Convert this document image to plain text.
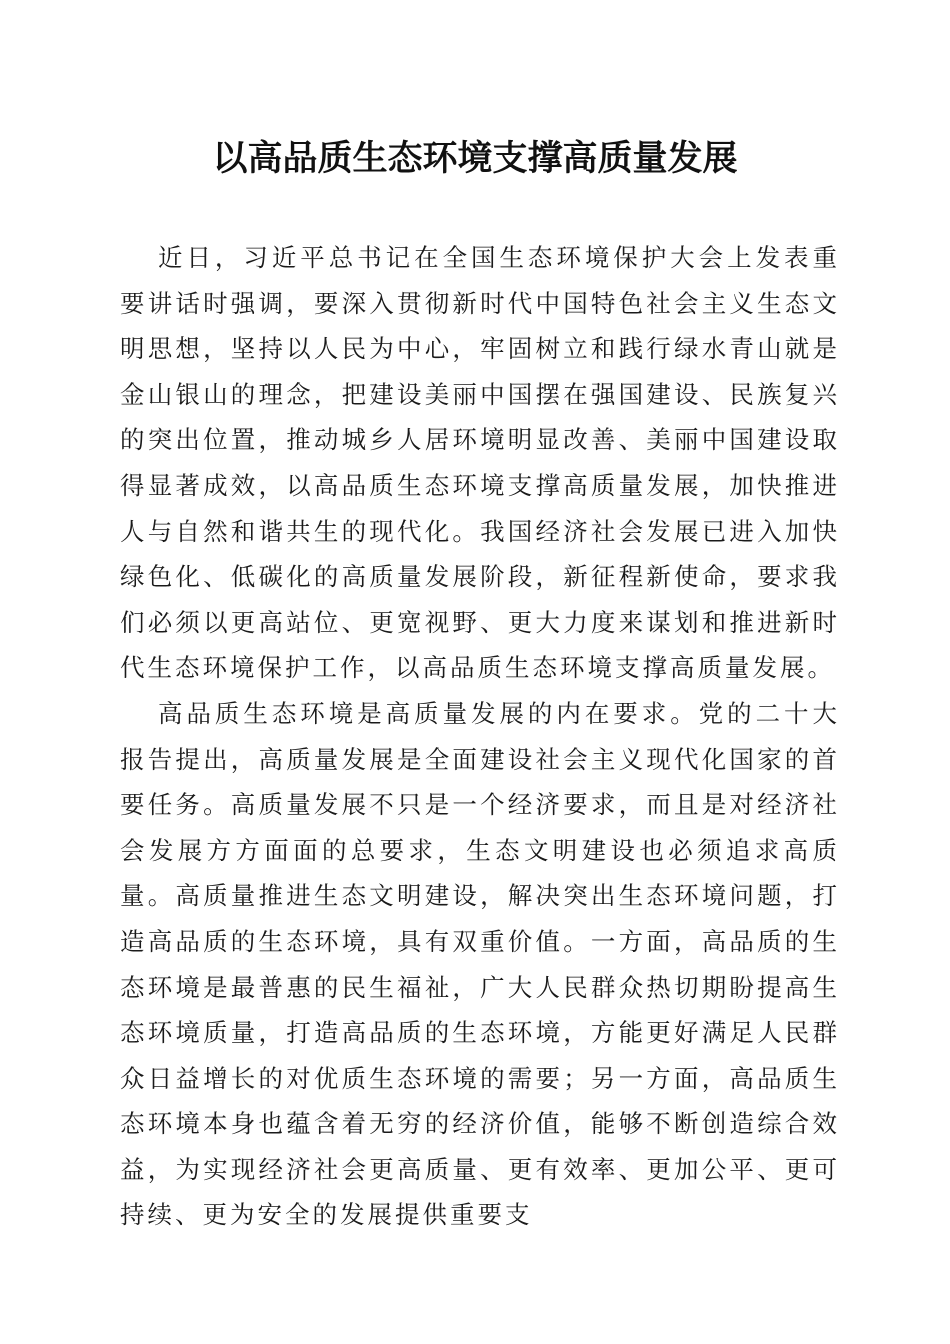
以高品质生态环境支撑高质量发展

近日，习近平总书记在全国生态环境保护大会上发表重要讲话时强调，要深入贯彻新时代中国特色社会主义生态文明思想，坚持以人民为中心，牢固树立和践行绿水青山就是金山银山的理念，把建设美丽中国摆在强国建设、民族复兴的突出位置，推动城乡人居环境明显改善、美丽中国建设取得显著成效，以高品质生态环境支撑高质量发展，加快推进人与自然和谐共生的现代化。我国经济社会发展已进入加快绿色化、低碳化的高质量发展阶段，新征程新使命，要求我们必须以更高站位、更宽视野、更大力度来谋划和推进新时代生态环境保护工作，以高品质生态环境支撑高质量发展。

高品质生态环境是高质量发展的内在要求。党的二十大报告提出，高质量发展是全面建设社会主义现代化国家的首要任务。高质量发展不只是一个经济要求，而且是对经济社会发展方方面面的总要求，生态文明建设也必须追求高质量。高质量推进生态文明建设，解决突出生态环境问题，打造高品质的生态环境，具有双重价值。一方面，高品质的生态环境是最普惠的民生福祉，广大人民群众热切期盼提高生态环境质量，打造高品质的生态环境，方能更好满足人民群众日益增长的对优质生态环境的需要；另一方面，高品质生态环境本身也蕴含着无穷的经济价值，能够不断创造综合效益，为实现经济社会更高质量、更有效率、更加公平、更可持续、更为安全的发展提供重要支
